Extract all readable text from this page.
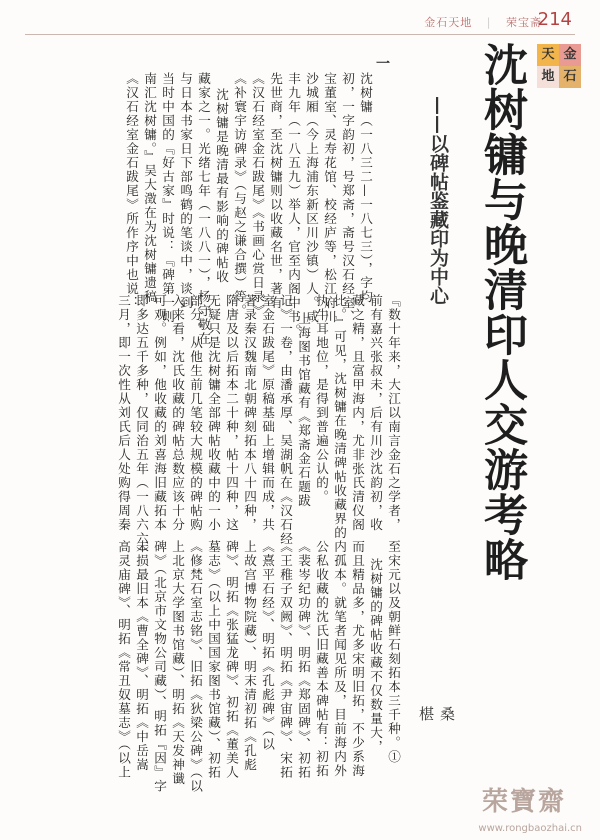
金石天地 | 荣宝斋
214
天 金
地 石
沈树镛与晚清印人交游考略
——以碑帖鉴藏印为中心
桑　椹
一
沈树镛（一八三二—一八七三），字均
初，一字韵初，号郑斋，斋号汉石经室、
宝董室、灵寿花馆、校经庐等，松江府川
沙城厢（今上海浦东新区川沙镇）人。咸
丰九年（一八五九）举人，官至内阁中书。
先世商，至沈树镛则以收藏名世，著有
《汉石经室金石跋尾》《书画心赏日录》
《补寰宇访碑录》（与赵之谦合撰）等。
沈树镛是晚清最有影响的碑帖收
藏家之一。光绪七年（一八八一），杨守敬在
与日本书家日下部鸣鹤的笔谈中，谈到
当时中国的『好古家』时说：『碑第一则
南汇沈树镛。』吴大澂在为沈树镛遗稿
《汉石经室金石跋尾》所作序中也说：
『数十年来，大江以南言金石之学者，
前有嘉兴张叔未，后有川沙沈韵初，收
藏之精，且富甲海内，尤非张氏清仪阁
比。』可见，沈树镛在晚清碑帖收藏界的
执牛耳地位，是得到普遍公认的。
上海图书馆藏有《郑斋金石题跋
记》一卷，由潘承厚、吴湖帆在《汉石经
室金石跋尾》原稿基础上增辑而成，共
著录秦汉魏南北朝碑刻拓本八十四种，
隋唐及以后拓本二十种，帖十四种，这
无疑只是沈树镛全部碑帖收藏中的一小
部分。从他生前几笔较大规模的碑帖购
入来看，沈氏收藏的碑帖总数应该十分
可观。例如，他收藏的刘喜海旧藏拓本
即多达五千多种，仅同治五年（一八六六）
三月，即一次性从刘氏后人处购得周秦
至宋元以及朝鲜石刻拓本三千种。①
沈树镛的碑帖收藏不仅数量大，
而且精品多，尤多宋明旧拓，不少系海
内孤本。就笔者闻见所及，目前海内外
公私收藏的沈氏旧藏善本碑帖有：初拓
《裴岑纪功碑》、明拓《郑固碑》、初拓
《王稚子双阙》、明拓《尹宙碑》、宋拓
《熹平石经》、明拓《孔彪碑》（以
上故宫博物院藏）、明末清初拓《孔彪
碑》、明拓《张猛龙碑》、初拓《董美人
墓志》（以上中国国家图书馆藏）、初拓
《修梵石室志铭》、旧拓《狄梁公碑》（以
上北京大学图书馆藏）、明拓《天发神谶
碑》（北京市文物公司藏）、明拓『因』字
未损最旧本《曹全碑》、明拓《中岳嵩
高灵庙碑》、明拓《常丑奴墓志》（以上
荣寶齋
www.rongbaozhai.cn
